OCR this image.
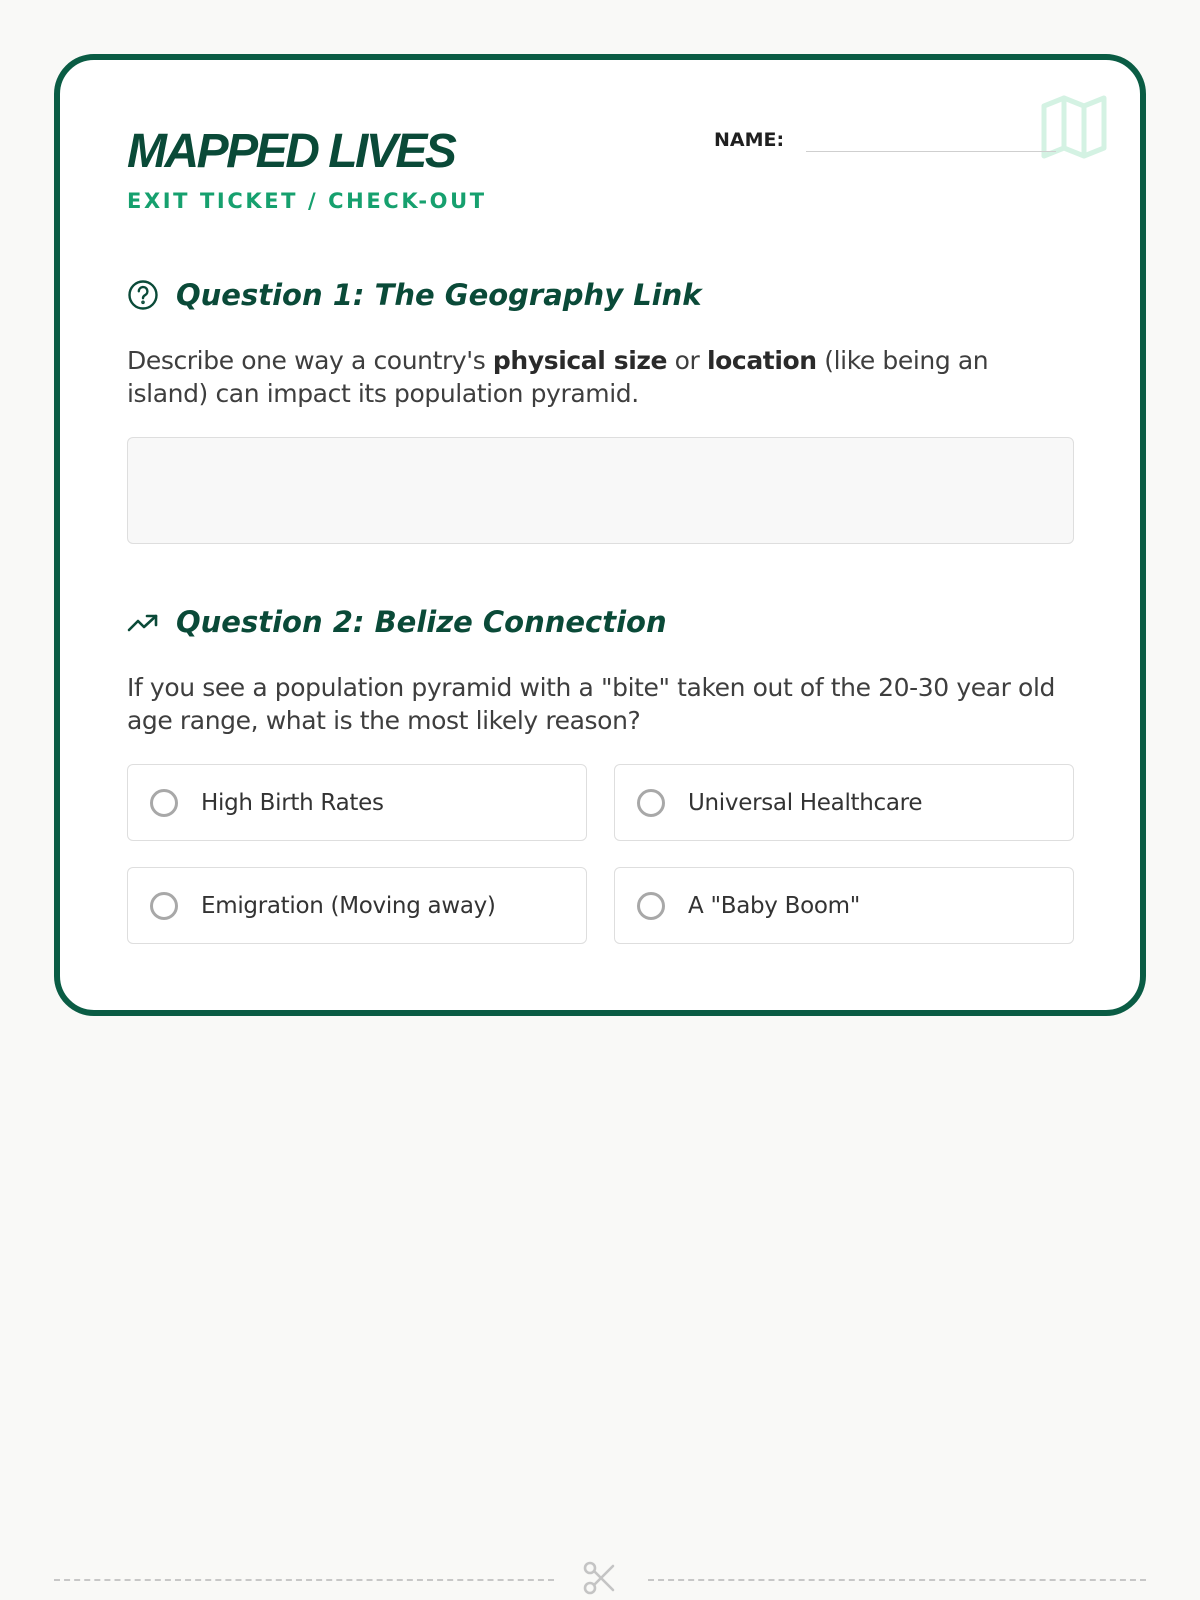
MAPPED LIVES
EXIT TICKET / CHECK-OUT
NAME:
Question 1: The Geography Link

Describe one way a country's physical size or location (like being an island) can impact its population pyramid.

Question 2: Belize Connection

If you see a population pyramid with a "bite" taken out of the 20-30 year old age range, what is the most likely reason?

High Birth Rates	Universal Healthcare
Emigration (Moving away)	A "Baby Boom"
